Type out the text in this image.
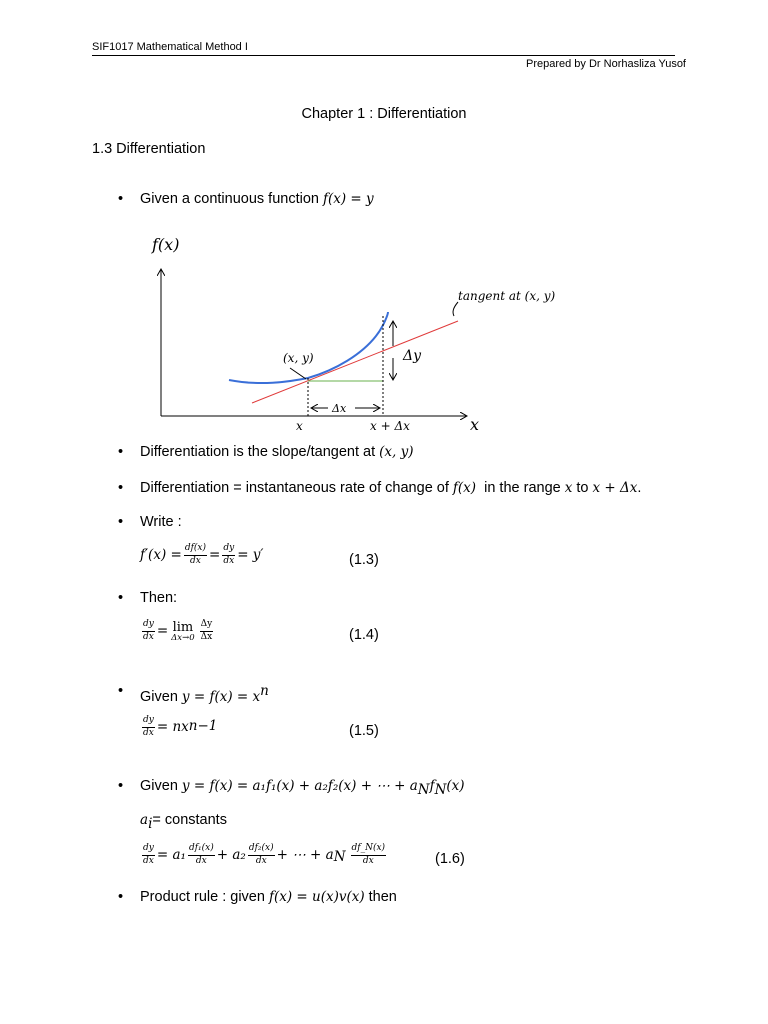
SIF1017 Mathematical Method I
Prepared by Dr Norhasliza Yusof
Chapter 1 : Differentiation
1.3 Differentiation
• Given a continuous function f(x) = y
f(x)
x
(x, y)	Δy
Δx
x	x + Δx
tangent at (x, y)
• Differentiation is the slope/tangent at (x, y)
• Differentiation = instantaneous rate of change of f(x)  in the range x to x + Δx.
• Write :
$f'(x) = \frac{df(x)}{dx} = \frac{dy}{dx} = y'$	(1.3)
• Then:
$\frac{dy}{dx} = \lim$
$\Delta x\to 0 \frac{\Delta y}{\Delta x}$	(1.4)
• Given $y = f(x) = x^n$
$\frac{dy}{dx}$ = nx n−1	(1.5)
• Given y = f(x) = a₁f₁(x) + a₂f₂(x) + ⋯ + $a_Nf_N(x)$
$a_i=$ constants
$\frac{dy}{dx} = a_1 \frac{\text{df₁(x)}}{dx} + a_2 \frac{\text{df₂(x)}}{dx}$ + ⋯ + a N $\frac{df\_N(x)}{dx}$	(1.6)
• Product rule : given f(x) = u(x)v(x) then
